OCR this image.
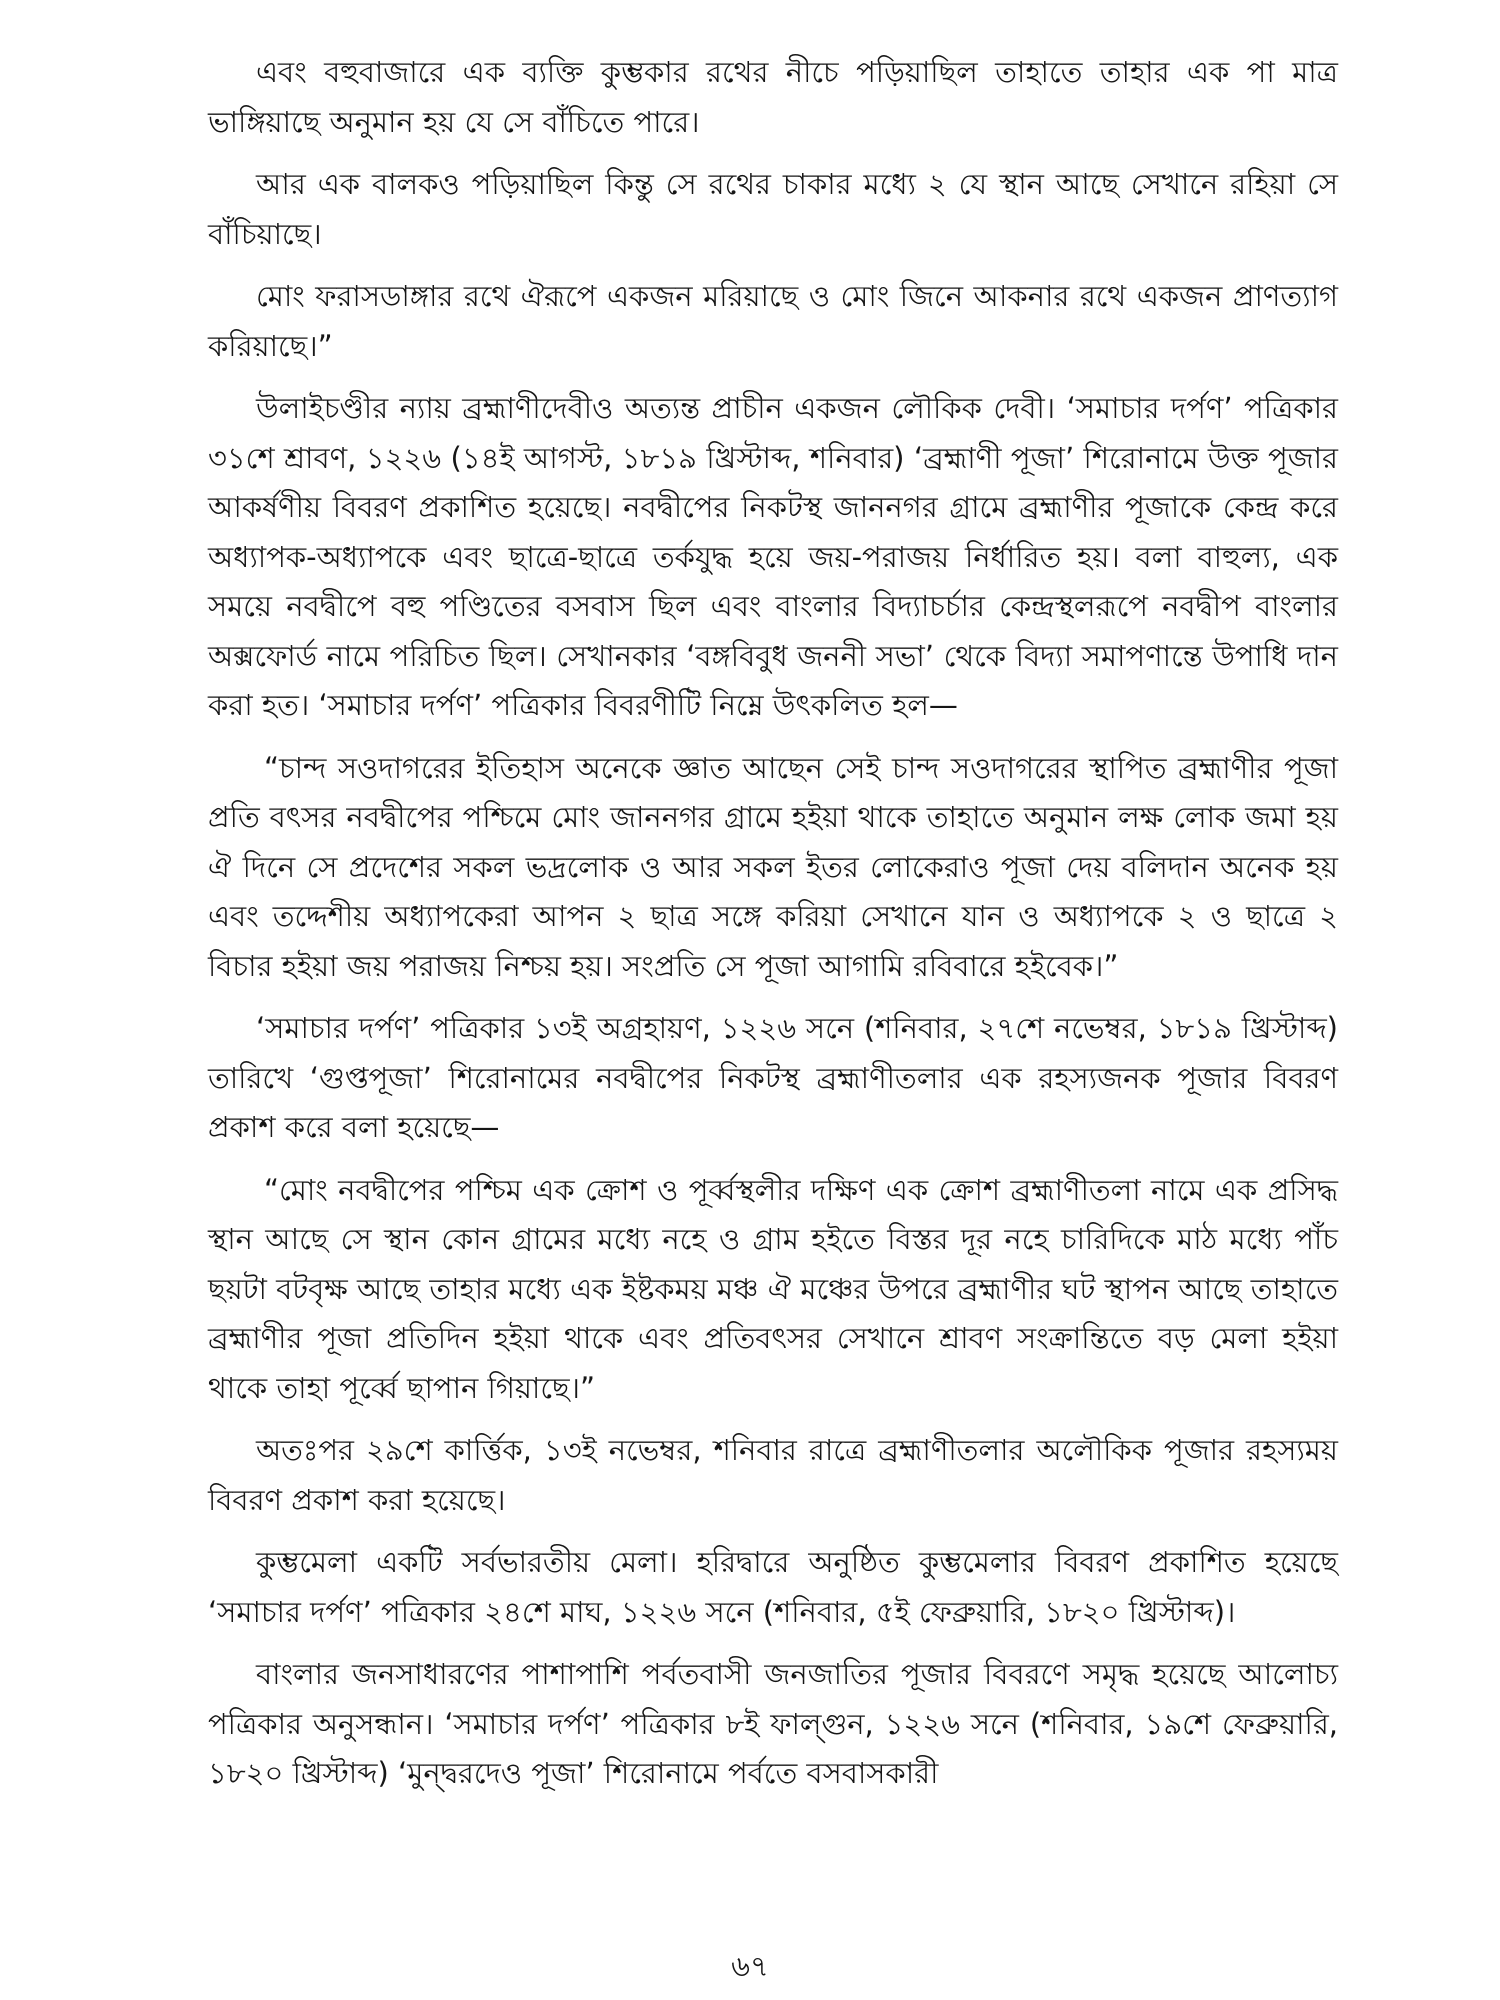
এবং বহুবাজারে এক ব্যক্তি কুম্ভকার রথের নীচে পড়িয়াছিল তাহাতে তাহার এক পা মাত্র ভাঙ্গিয়াছে অনুমান হয় যে সে বাঁচিতে পারে।

আর এক বালকও পড়িয়াছিল কিন্তু সে রথের চাকার মধ্যে ২ যে স্থান আছে সেখানে রহিয়া সে বাঁচিয়াছে।

মোং ফরাসডাঙ্গার রথে ঐরূপে একজন মরিয়াছে ও মোং জিনে আকনার রথে একজন প্রাণত্যাগ করিয়াছে।”

উলাইচণ্ডীর ন্যায় ব্রহ্মাণীদেবীও অত্যন্ত প্রাচীন একজন লৌকিক দেবী। ‘সমাচার দর্পণ’ পত্রিকার ৩১শে শ্রাবণ, ১২২৬ (১৪ই আগস্ট, ১৮১৯ খ্রিস্টাব্দ, শনিবার) ‘ব্রহ্মাণী পূজা’ শিরোনামে উক্ত পূজার আকর্ষণীয় বিবরণ প্রকাশিত হয়েছে। নবদ্বীপের নিকটস্থ জাননগর গ্রামে ব্রহ্মাণীর পূজাকে কেন্দ্র করে অধ্যাপক-অধ্যাপকে এবং ছাত্রে-ছাত্রে তর্কযুদ্ধ হয়ে জয়-পরাজয় নির্ধারিত হয়। বলা বাহুল্য, এক সময়ে নবদ্বীপে বহু পণ্ডিতের বসবাস ছিল এবং বাংলার বিদ্যাচর্চার কেন্দ্রস্থলরূপে নবদ্বীপ বাংলার অক্সফোর্ড নামে পরিচিত ছিল। সেখানকার ‘বঙ্গবিবুধ জননী সভা’ থেকে বিদ্যা সমাপণান্তে উপাধি দান করা হত। ‘সমাচার দর্পণ’ পত্রিকার বিবরণীটি নিম্নে উৎকলিত হল—

“চান্দ সওদাগরের ইতিহাস অনেকে জ্ঞাত আছেন সেই চান্দ সওদাগরের স্থাপিত ব্রহ্মাণীর পূজা প্রতি বৎসর নবদ্বীপের পশ্চিমে মোং জাননগর গ্রামে হইয়া থাকে তাহাতে অনুমান লক্ষ লোক জমা হয় ঐ দিনে সে প্রদেশের সকল ভদ্রলোক ও আর সকল ইতর লোকেরাও পূজা দেয় বলিদান অনেক হয় এবং তদ্দেশীয় অধ্যাপকেরা আপন ২ ছাত্র সঙ্গে করিয়া সেখানে যান ও অধ্যাপকে ২ ও ছাত্রে ২ বিচার হইয়া জয় পরাজয় নিশ্চয় হয়। সংপ্রতি সে পূজা আগামি রবিবারে হইবেক।”

‘সমাচার দর্পণ’ পত্রিকার ১৩ই অগ্রহায়ণ, ১২২৬ সনে (শনিবার, ২৭শে নভেম্বর, ১৮১৯ খ্রিস্টাব্দ) তারিখে ‘গুপ্তপূজা’ শিরোনামের নবদ্বীপের নিকটস্থ ব্রহ্মাণীতলার এক রহস্যজনক পূজার বিবরণ প্রকাশ করে বলা হয়েছে—

“মোং নবদ্বীপের পশ্চিম এক ক্রোশ ও পূর্ব্বস্থলীর দক্ষিণ এক ক্রোশ ব্রহ্মাণীতলা নামে এক প্রসিদ্ধ স্থান আছে সে স্থান কোন গ্রামের মধ্যে নহে ও গ্রাম হইতে বিস্তর দূর নহে চারিদিকে মাঠ মধ্যে পাঁচ ছয়টা বটবৃক্ষ আছে তাহার মধ্যে এক ইষ্টকময় মঞ্চ ঐ মঞ্চের উপরে ব্রহ্মাণীর ঘট স্থাপন আছে তাহাতে ব্রহ্মাণীর পূজা প্রতিদিন হইয়া থাকে এবং প্রতিবৎসর সেখানে শ্রাবণ সংক্রান্তিতে বড় মেলা হইয়া থাকে তাহা পূর্ব্বে ছাপান গিয়াছে।”

অতঃপর ২৯শে কার্ত্তিক, ১৩ই নভেম্বর, শনিবার রাত্রে ব্রহ্মাণীতলার অলৌকিক পূজার রহস্যময় বিবরণ প্রকাশ করা হয়েছে।

কুম্ভমেলা একটি সর্বভারতীয় মেলা। হরিদ্বারে অনুষ্ঠিত কুম্ভমেলার বিবরণ প্রকাশিত হয়েছে ‘সমাচার দর্পণ’ পত্রিকার ২৪শে মাঘ, ১২২৬ সনে (শনিবার, ৫ই ফেব্রুয়ারি, ১৮২০ খ্রিস্টাব্দ)।

বাংলার জনসাধারণের পাশাপাশি পর্বতবাসী জনজাতির পূজার বিবরণে সমৃদ্ধ হয়েছে আলোচ্য পত্রিকার অনুসন্ধান। ‘সমাচার দর্পণ’ পত্রিকার ৮ই ফাল্গুন, ১২২৬ সনে (শনিবার, ১৯শে ফেব্রুয়ারি, ১৮২০ খ্রিস্টাব্দ) ‘মুন্দ্বরদেও পূজা’ শিরোনামে পর্বতে বসবাসকারী

৬৭
